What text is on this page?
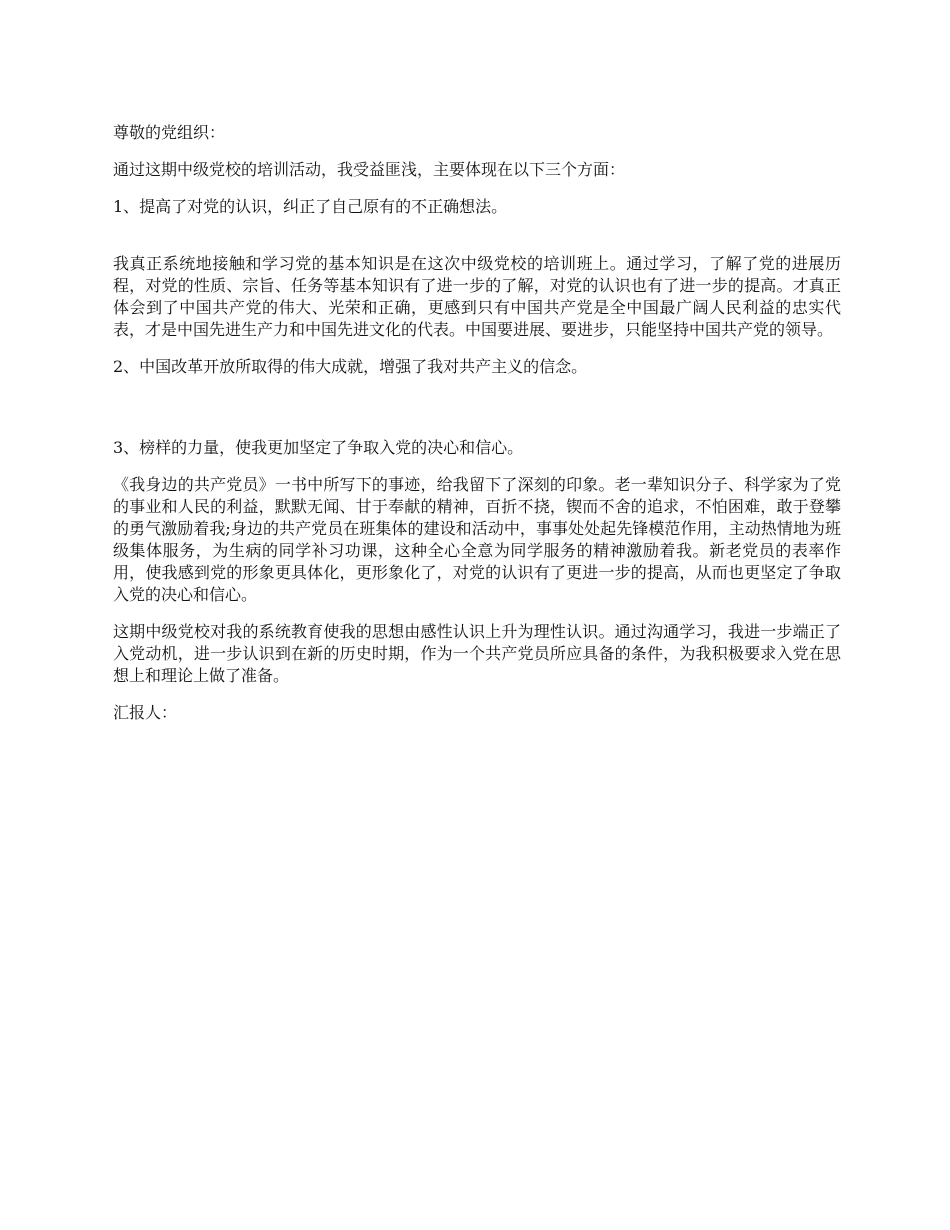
尊敬的党组织：

通过这期中级党校的培训活动，我受益匪浅，主要体现在以下三个方面：

1、提高了对党的认识，纠正了自己原有的不正确想法。

我真正系统地接触和学习党的基本知识是在这次中级党校的培训班上。通过学习，了解了党的进展历程，对党的性质、宗旨、任务等基本知识有了进一步的了解，对党的认识也有了进一步的提高。才真正体会到了中国共产党的伟大、光荣和正确，更感到只有中国共产党是全中国最广阔人民利益的忠实代表，才是中国先进生产力和中国先进文化的代表。中国要进展、要进步，只能坚持中国共产党的领导。

2、中国改革开放所取得的伟大成就，增强了我对共产主义的信念。

3、榜样的力量，使我更加坚定了争取入党的决心和信心。

《我身边的共产党员》一书中所写下的事迹，给我留下了深刻的印象。老一辈知识分子、科学家为了党的事业和人民的利益，默默无闻、甘于奉献的精神，百折不挠，锲而不舍的追求，不怕困难，敢于登攀的勇气激励着我;身边的共产党员在班集体的建设和活动中，事事处处起先锋模范作用，主动热情地为班级集体服务，为生病的同学补习功课，这种全心全意为同学服务的精神激励着我。新老党员的表率作用，使我感到党的形象更具体化，更形象化了，对党的认识有了更进一步的提高，从而也更坚定了争取入党的决心和信心。

这期中级党校对我的系统教育使我的思想由感性认识上升为理性认识。通过沟通学习，我进一步端正了入党动机，进一步认识到在新的历史时期，作为一个共产党员所应具备的条件，为我积极要求入党在思想上和理论上做了准备。

汇报人：
